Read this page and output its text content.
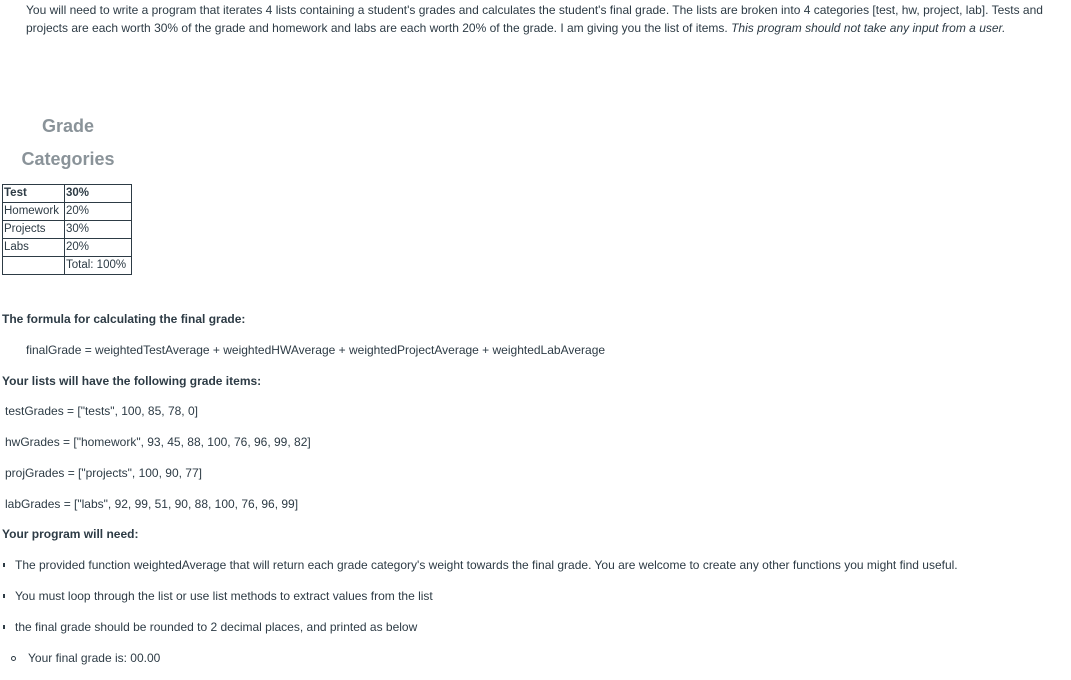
You will need to write a program that iterates 4 lists containing a student's grades and calculates the student's final grade. The lists are broken into 4 categories [test, hw, project, lab]. Tests and projects are each worth 30% of the grade and homework and labs are each worth 20% of the grade. I am giving you the list of items. This program should not take any input from a user.

Grade
Categories
Test	30%
Homework	20%
Projects	30%
Labs	20%
	Total: 100%

The formula for calculating the final grade:

finalGrade = weightedTestAverage + weightedHWAverage + weightedProjectAverage + weightedLabAverage

Your lists will have the following grade items:

testGrades = ["tests", 100, 85, 78, 0]

hwGrades = ["homework", 93, 45, 88, 100, 76, 96, 99, 82]

projGrades = ["projects", 100, 90, 77]

labGrades = ["labs", 92, 99, 51, 90, 88, 100, 76, 96, 99]

Your program will need:

The provided function weightedAverage that will return each grade category's weight towards the final grade. You are welcome to create any other functions you might find useful.

You must loop through the list or use list methods to extract values from the list

the final grade should be rounded to 2 decimal places, and printed as below

Your final grade is: 00.00
